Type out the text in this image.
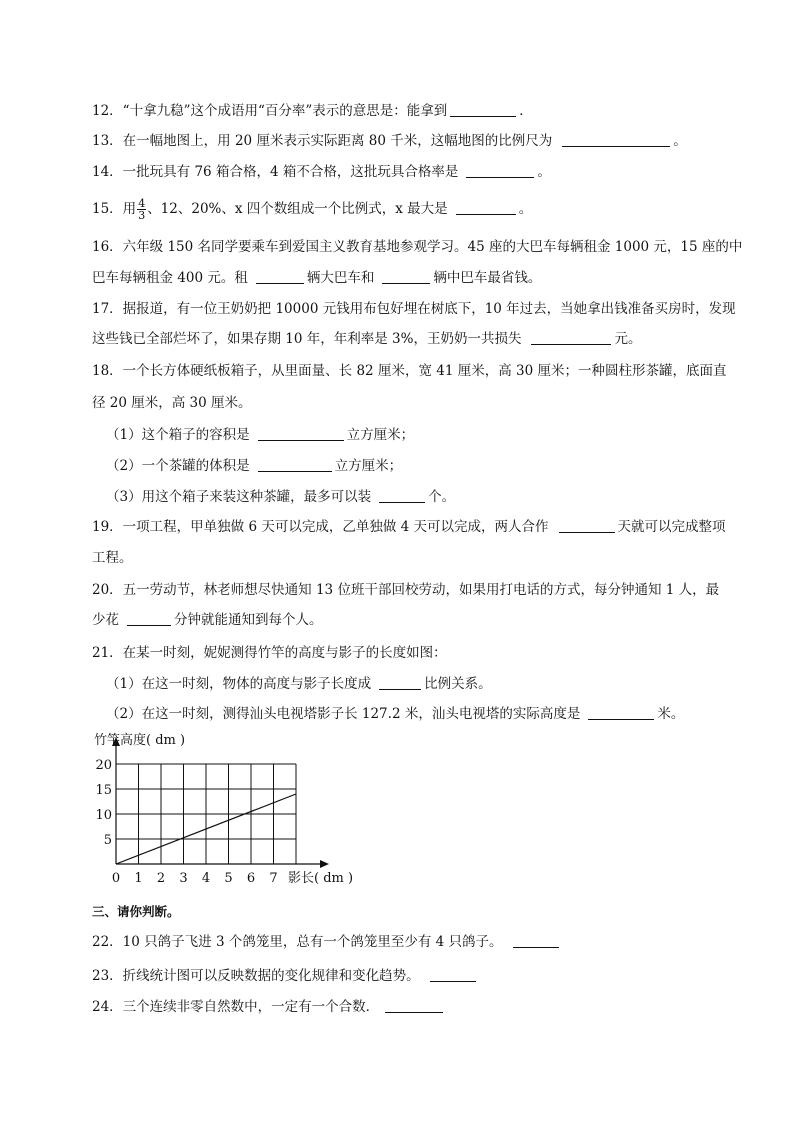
12．“十拿九稳”这个成语用“百分率”表示的意思是：能拿到	．
13．在一幅地图上，用 20 厘米表示实际距离 80 千米，这幅地图的比例尺为	。
14．一批玩具有 76 箱合格，4 箱不合格，这批玩具合格率是	。
15．用 $\frac{4}{3}$ 、12、20%、x 四个数组成一个比例式，x 最大是	。
16．六年级 150 名同学要乘车到爱国主义教育基地参观学习。45 座的大巴车每辆租金 1000 元，15 座的中
巴车每辆租金 400 元。租	辆大巴车和	辆中巴车最省钱。
17．据报道，有一位王奶奶把 10000 元钱用布包好埋在树底下，10 年过去，当她拿出钱准备买房时，发现
这些钱已全部烂坏了，如果存期 10 年，年利率是 3%，王奶奶一共损失	元。
18．一个长方体硬纸板箱子，从里面量、长 82 厘米，宽 41 厘米，高 30 厘米；一种圆柱形茶罐，底面直
径 20 厘米，高 30 厘米。
（1）这个箱子的容积是	立方厘米；
（2）一个茶罐的体积是	立方厘米；
（3）用这个箱子来装这种茶罐，最多可以装	个。
19．一项工程，甲单独做 6 天可以完成，乙单独做 4 天可以完成，两人合作	天就可以完成整项
工程。
20．五一劳动节，林老师想尽快通知 13 位班干部回校劳动，如果用打电话的方式，每分钟通知 1 人，最
少花	分钟就能通知到每个人。
21．在某一时刻，妮妮测得竹竿的高度与影子的长度如图：
（1）在这一时刻，物体的高度与影子长度成	比例关系。
（2）在这一时刻，测得汕头电视塔影子长 127.2 米，汕头电视塔的实际高度是	米。
0 1 2 3 4 5 6 7
5
10
15
20
竹竿高度( dm )
影长( dm )
三、请你判断。
22．10 只鸽子飞进 3 个鸽笼里，总有一个鸽笼里至少有 4 只鸽子。
23．折线统计图可以反映数据的变化规律和变化趋势。
24．三个连续非零自然数中，一定有一个合数．
